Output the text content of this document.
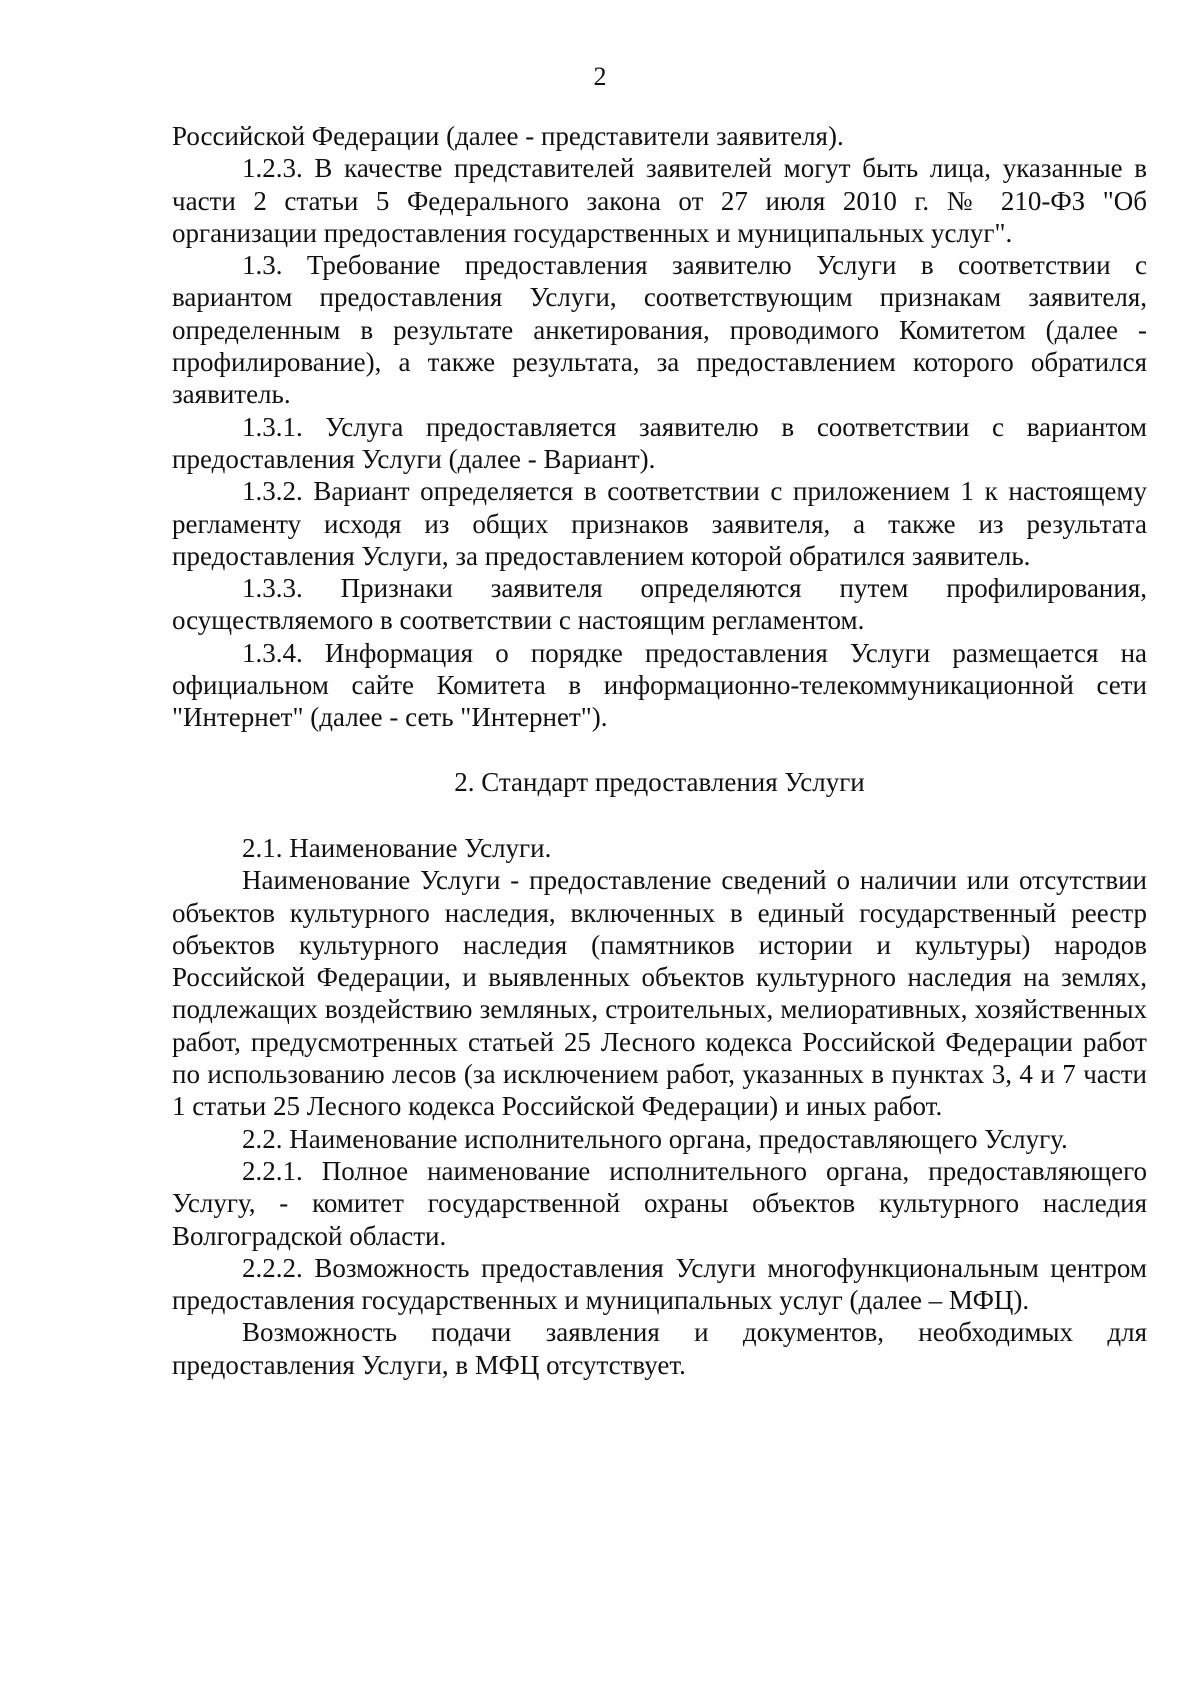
2

Российской Федерации (далее - представители заявителя).

1.2.3. В качестве представителей заявителей могут быть лица, указанные в части 2 статьи 5 Федерального закона от 27 июля 2010 г. № 210-ФЗ "Об организации предоставления государственных и муниципальных услуг".

1.3. Требование предоставления заявителю Услуги в соответствии с вариантом предоставления Услуги, соответствующим признакам заявителя, определенным в результате анкетирования, проводимого Комитетом (далее - профилирование), а также результата, за предоставлением которого обратился заявитель.

1.3.1. Услуга предоставляется заявителю в соответствии с вариантом предоставления Услуги (далее - Вариант).

1.3.2. Вариант определяется в соответствии с приложением 1 к настоящему регламенту исходя из общих признаков заявителя, а также из результата предоставления Услуги, за предоставлением которой обратился заявитель.

1.3.3. Признаки заявителя определяются путем профилирования, осуществляемого в соответствии с настоящим регламентом.

1.3.4. Информация о порядке предоставления Услуги размещается на официальном сайте Комитета в информационно-телекоммуникационной сети "Интернет" (далее - сеть "Интернет").

2. Стандарт предоставления Услуги

2.1. Наименование Услуги.

Наименование Услуги - предоставление сведений о наличии или отсутствии объектов культурного наследия, включенных в единый государственный реестр объектов культурного наследия (памятников истории и культуры) народов Российской Федерации, и выявленных объектов культурного наследия на землях, подлежащих воздействию земляных, строительных, мелиоративных, хозяйственных работ, предусмотренных статьей 25 Лесного кодекса Российской Федерации работ по использованию лесов (за исключением работ, указанных в пунктах 3, 4 и 7 части 1 статьи 25 Лесного кодекса Российской Федерации) и иных работ.

2.2. Наименование исполнительного органа, предоставляющего Услугу.

2.2.1. Полное наименование исполнительного органа, предоставляющего Услугу, - комитет государственной охраны объектов культурного наследия Волгоградской области.

2.2.2. Возможность предоставления Услуги многофункциональным центром предоставления государственных и муниципальных услуг (далее – МФЦ).

Возможность подачи заявления и документов, необходимых для предоставления Услуги, в МФЦ отсутствует.
